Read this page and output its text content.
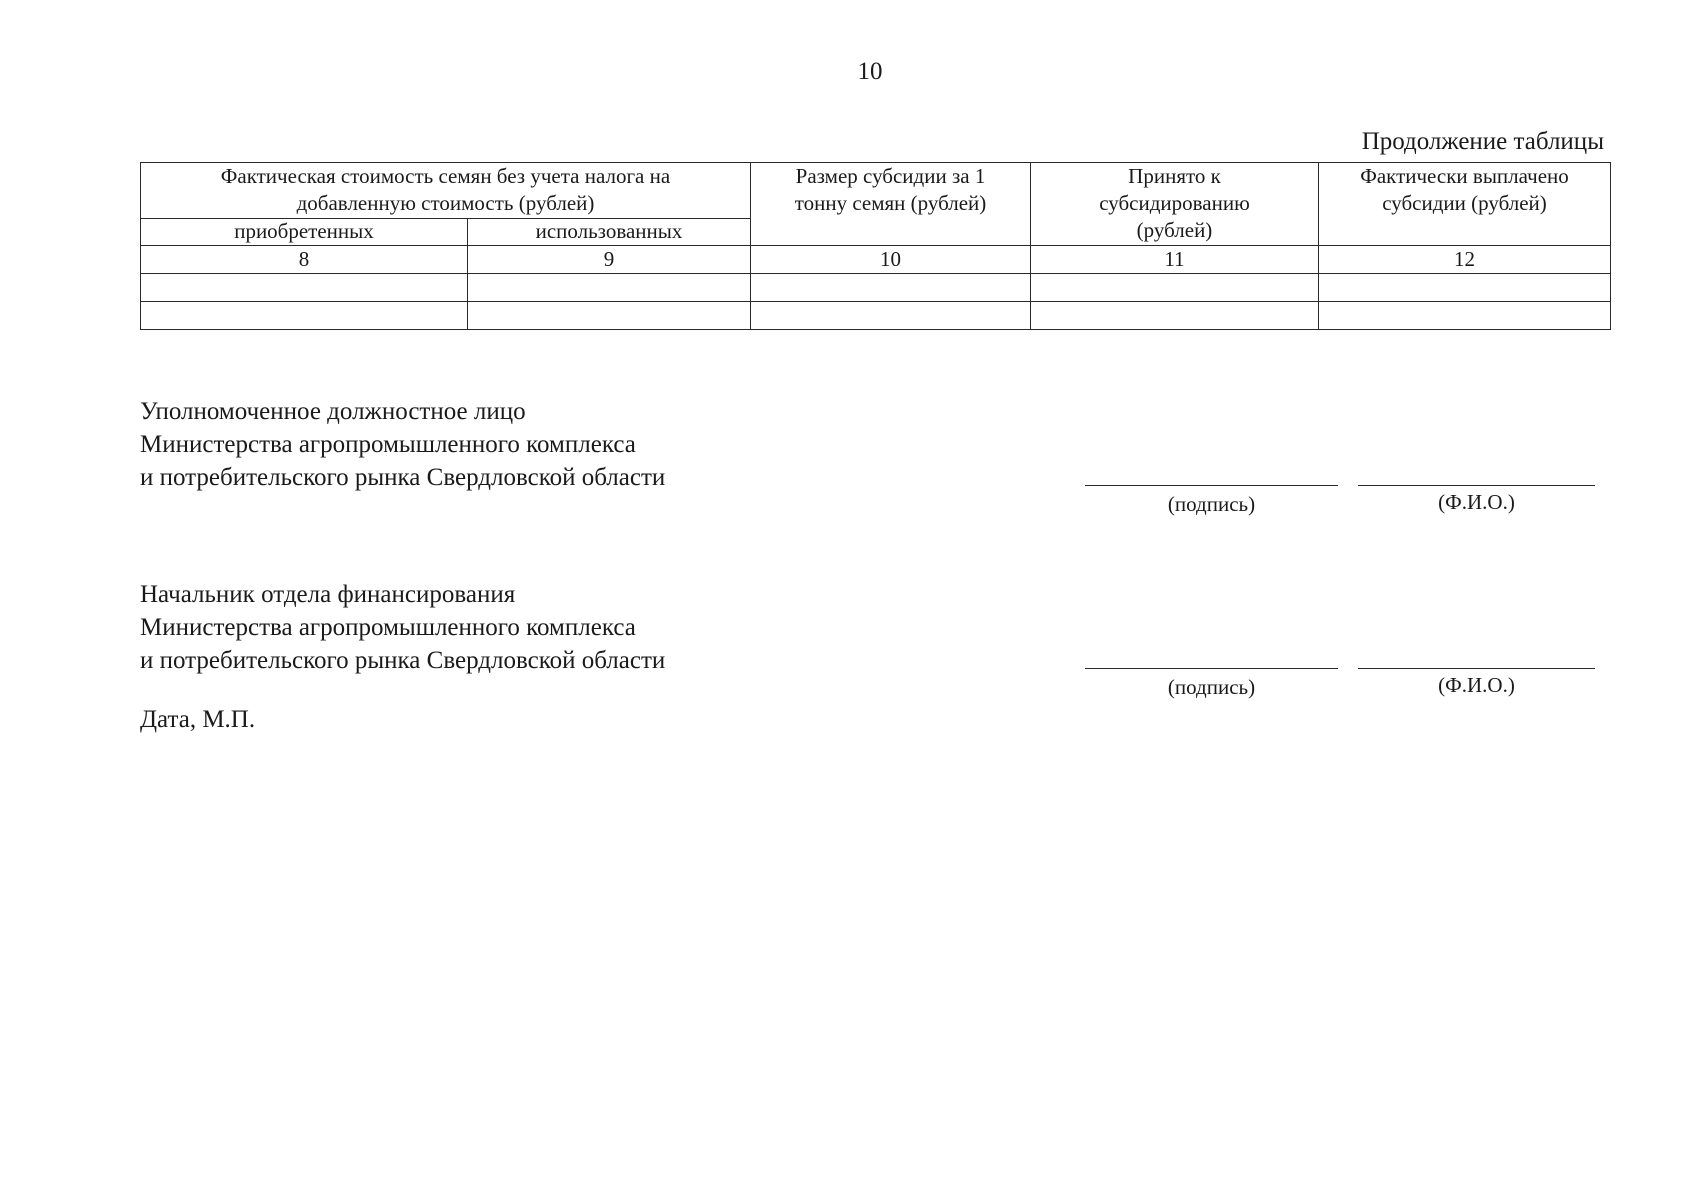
10
Продолжение таблицы
Фактическая стоимость семян без учета налога на добавленную стоимость (рублей)		Размер субсидии за 1 тонну семян (рублей)	Принято к субсидированию (рублей)	Фактически выплачено субсидии (рублей)
приобретенных	использованных			
8	9	10	11	12

Уполномоченное должностное лицо
Министерства агропромышленного комплекса
и потребительского рынка Свердловской области
(подпись)	(Ф.И.О.)
Начальник отдела финансирования
Министерства агропромышленного комплекса
и потребительского рынка Свердловской области
(подпись)	(Ф.И.О.)
Дата, М.П.
